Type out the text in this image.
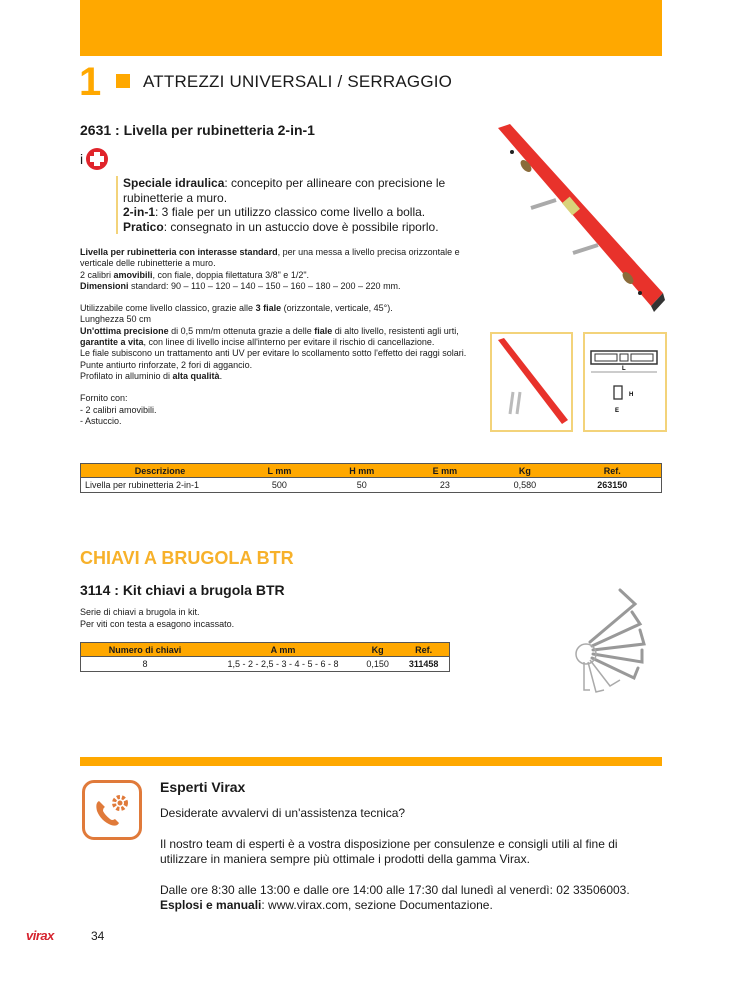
1 ATTREZZI UNIVERSALI / SERRAGGIO
2631 : Livella per rubinetteria 2-in-1
i
Speciale idraulica: concepito per allineare con precisione le rubinetterie a muro.
2-in-1: 3 fiale per un utilizzo classico come livello a bolla.
Pratico: consegnato in un astuccio dove è possibile riporlo.

Livella per rubinetteria con interasse standard, per una messa a livello precisa orizzontale e verticale delle rubinetterie a muro.

2 calibri amovibili, con fiale, doppia filettatura 3/8" e 1/2".

Dimensioni standard: 90 – 110 – 120 – 140 – 150 – 160 – 180 – 200 – 220 mm.

Utilizzabile come livello classico, grazie alle 3 fiale (orizzontale, verticale, 45°).

Lunghezza 50 cm

Un'ottima precisione di 0,5 mm/m ottenuta grazie a delle fiale di alto livello, resistenti agli urti, garantite a vita, con linee di livello incise all'interno per evitare il rischio di cancellazione.

Le fiale subiscono un trattamento anti UV per evitare lo scollamento sotto l'effetto dei raggi solari.

Punte antiurto rinforzate, 2 fori di aggancio.

Profilato in alluminio di alta qualità.

Fornito con:

- 2 calibri amovibili.

- Astuccio.

L
H
E
Descrizione	L mm	H mm	E mm	Kg	Ref.
Livella per rubinetteria 2-in-1	500	50	23	0,580	263150
CHIAVI A BRUGOLA BTR
3114 : Kit chiavi a brugola BTR
Serie di chiavi a brugola in kit.
Per viti con testa a esagono incassato.
Numero di chiavi	A mm	Kg	Ref.
8	1,5 - 2 - 2,5 - 3 - 4 - 5 - 6 - 8	0,150	311458
Esperti Virax

Desiderate avvalervi di un'assistenza tecnica?

Il nostro team di esperti è a vostra disposizione per consulenze e consigli utili al fine di utilizzare in maniera sempre più ottimale i prodotti della gamma Virax.

Dalle ore 8:30 alle 13:00 e dalle ore 14:00 alle 17:30 dal lunedì al venerdì: 02 33506003.

Esplosi e manuali: www.virax.com, sezione Documentazione.

virax	34
